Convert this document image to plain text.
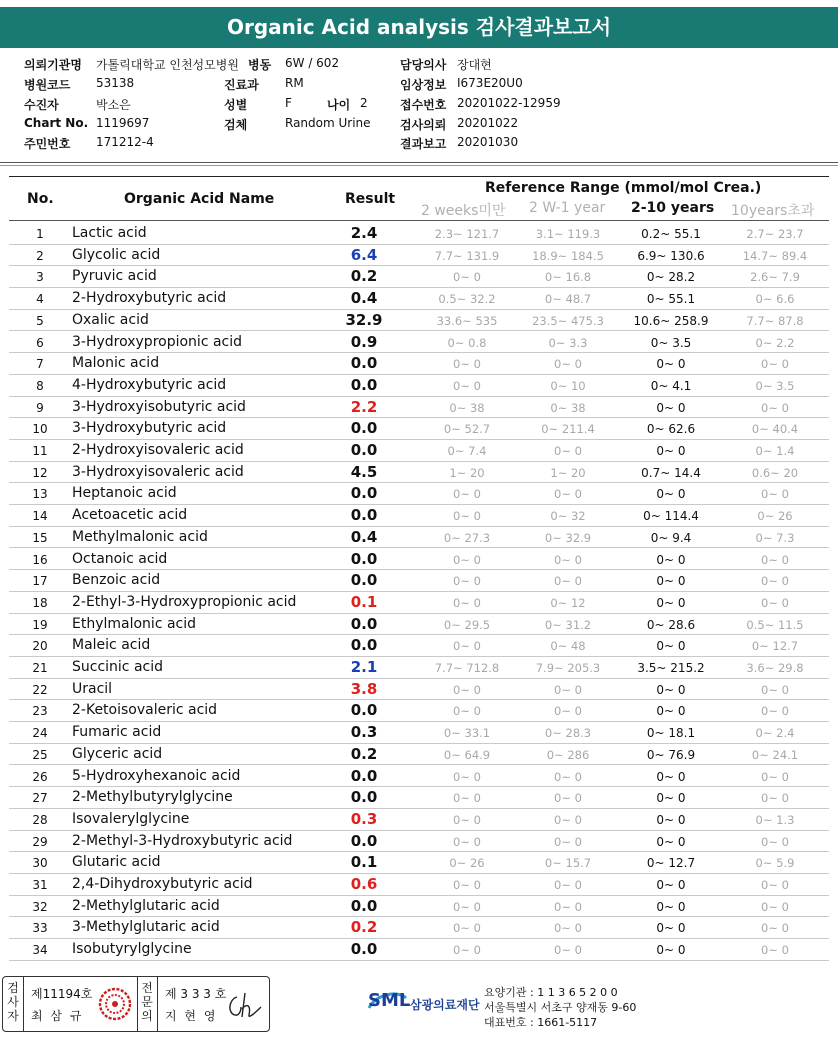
Organic Acid analysis 검사결과보고서
의뢰기관명 가톨릭대학교 인천성모병원 병동 6W / 602	담당의사 장대현
병원코드 53138	진료과 RM	임상정보 I673E20U0
수진자	박소은	성별	F	나이 2	접수번호 20201022-12959
Chart No. 1119697	검체	Random Urine 검사의뢰 20201022
주민번호 171212-4	결과보고 20201030
No.	Organic Acid Name	Result
Reference Range (mmol/mol Crea.)
2 weeks미만 2 W-1 year 2-10 years 10years초과
1	Lactic acid	2.4	2.3~ 121.7	3.1~ 119.3	0.2~ 55.1	2.7~ 23.7
2	Glycolic acid	6.4	7.7~ 131.9	18.9~ 184.5	6.9~ 130.6	14.7~ 89.4
3	Pyruvic acid	0.2	0~ 0	0~ 16.8	0~ 28.2	2.6~ 7.9
4	2-Hydroxybutyric acid	0.4	0.5~ 32.2	0~ 48.7	0~ 55.1	0~ 6.6
5	Oxalic acid	32.9	33.6~ 535	23.5~ 475.3	10.6~ 258.9	7.7~ 87.8
6	3-Hydroxypropionic acid	0.9	0~ 0.8	0~ 3.3	0~ 3.5	0~ 2.2
7	Malonic acid	0.0	0~ 0	0~ 0	0~ 0	0~ 0
8	4-Hydroxybutyric acid	0.0	0~ 0	0~ 10	0~ 4.1	0~ 3.5
9	3-Hydroxyisobutyric acid	2.2	0~ 38	0~ 38	0~ 0	0~ 0
10	3-Hydroxybutyric acid	0.0	0~ 52.7	0~ 211.4	0~ 62.6	0~ 40.4
11	2-Hydroxyisovaleric acid	0.0	0~ 7.4	0~ 0	0~ 0	0~ 1.4
12	3-Hydroxyisovaleric acid	4.5	1~ 20	1~ 20	0.7~ 14.4	0.6~ 20
13	Heptanoic acid	0.0	0~ 0	0~ 0	0~ 0	0~ 0
14	Acetoacetic acid	0.0	0~ 0	0~ 32	0~ 114.4	0~ 26
15	Methylmalonic acid	0.4	0~ 27.3	0~ 32.9	0~ 9.4	0~ 7.3
16	Octanoic acid	0.0	0~ 0	0~ 0	0~ 0	0~ 0
17	Benzoic acid	0.0	0~ 0	0~ 0	0~ 0	0~ 0
18	2-Ethyl-3-Hydroxypropionic acid	0.1	0~ 0	0~ 12	0~ 0	0~ 0
19	Ethylmalonic acid	0.0	0~ 29.5	0~ 31.2	0~ 28.6	0.5~ 11.5
20	Maleic acid	0.0	0~ 0	0~ 48	0~ 0	0~ 12.7
21	Succinic acid	2.1	7.7~ 712.8	7.9~ 205.3	3.5~ 215.2	3.6~ 29.8
22	Uracil	3.8	0~ 0	0~ 0	0~ 0	0~ 0
23	2-Ketoisovaleric acid	0.0	0~ 0	0~ 0	0~ 0	0~ 0
24	Fumaric acid	0.3	0~ 33.1	0~ 28.3	0~ 18.1	0~ 2.4
25	Glyceric acid	0.2	0~ 64.9	0~ 286	0~ 76.9	0~ 24.1
26	5-Hydroxyhexanoic acid	0.0	0~ 0	0~ 0	0~ 0	0~ 0
27	2-Methylbutyrylglycine	0.0	0~ 0	0~ 0	0~ 0	0~ 0
28	Isovalerylglycine	0.3	0~ 0	0~ 0	0~ 0	0~ 1.3
29	2-Methyl-3-Hydroxybutyric acid	0.0	0~ 0	0~ 0	0~ 0	0~ 0
30	Glutaric acid	0.1	0~ 26	0~ 15.7	0~ 12.7	0~ 5.9
31	2,4-Dihydroxybutyric acid	0.6	0~ 0	0~ 0	0~ 0	0~ 0
32	2-Methylglutaric acid	0.0	0~ 0	0~ 0	0~ 0	0~ 0
33	3-Methylglutaric acid	0.2	0~ 0	0~ 0	0~ 0	0~ 0
34	Isobutyrylglycine	0.0	0~ 0	0~ 0	0~ 0	0~ 0
검사자
제11194호
최 삼 규
전문의
제 3 3 3 호
지 현 영
SML 삼광의료재단
요양기관 : 1 1 3 6 5 2 0 0
서울특별시 서초구 양재동 9-60
대표번호 : 1661-5117
